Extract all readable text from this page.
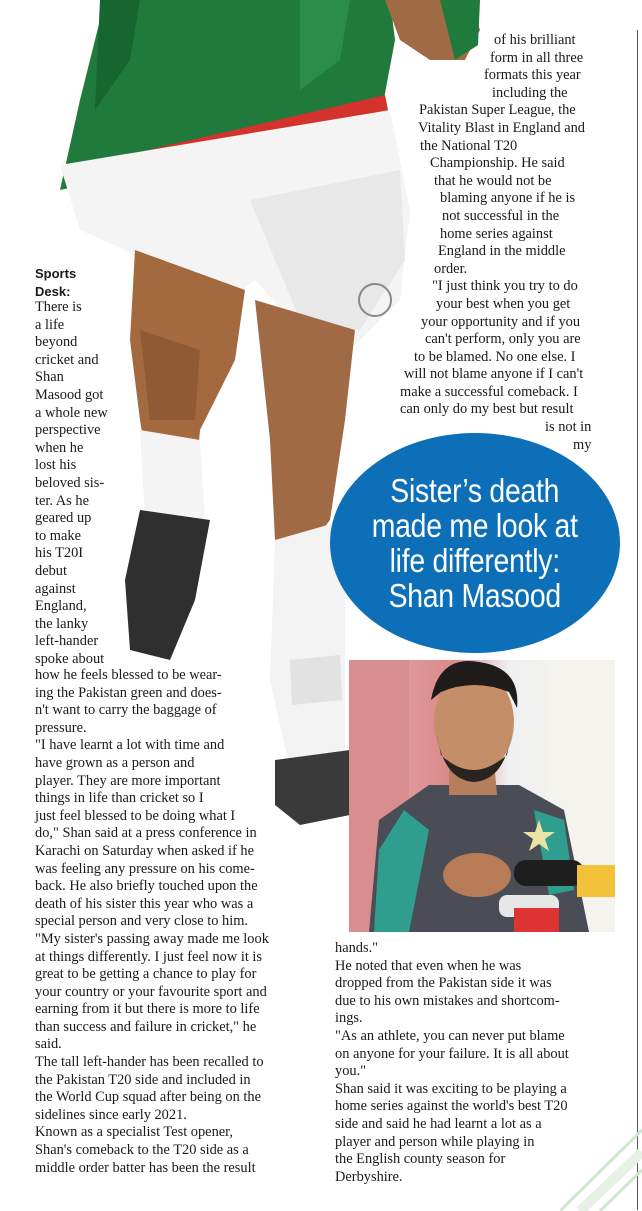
Sports
Desk:
There is
a life
beyond
cricket and
Shan
Masood got
a whole new
perspective
when he
lost his
beloved sis-
ter. As he
geared up
to make
his T20I
debut
against
England,
the lanky
left-hander
spoke about
how he feels blessed to be wear-
ing the Pakistan green and does-
n't want to carry the baggage of
pressure.
"I have learnt a lot with time and
have grown as a person and
player. They are more important
things in life than cricket so I
just feel blessed to be doing what I
do," Shan said at a press conference in
Karachi on Saturday when asked if he
was feeling any pressure on his come-
back. He also briefly touched upon the
death of his sister this year who was a
special person and very close to him.
"My sister's passing away made me look
at things differently. I just feel now it is
great to be getting a chance to play for
your country or your favourite sport and
earning from it but there is more to life
than success and failure in cricket," he
said.
The tall left-hander has been recalled to
the Pakistan T20 side and included in
the World Cup squad after being on the
sidelines since early 2021.
Known as a specialist Test opener,
Shan's comeback to the T20 side as a
middle order batter has been the result
of his brilliant
form in all three
formats this year
including the
Pakistan Super League, the
Vitality Blast in England and
the National T20
Championship. He said
that he would not be
blaming anyone if he is
not successful in the
home series against
England in the middle
order.
"I just think you try to do
your best when you get
your opportunity and if you
can't perform, only you are
to be blamed. No one else. I
will not blame anyone if I can't
make a successful comeback. I
can only do my best but result
is not in
my
Sister’s death
made me look at
life differently:
Shan Masood
hands."
He noted that even when he was
dropped from the Pakistan side it was
due to his own mistakes and shortcom-
ings.
"As an athlete, you can never put blame
on anyone for your failure. It is all about
you."
Shan said it was exciting to be playing a
home series against the world's best T20
side and said he had learnt a lot as a
player and person while playing in
the English county season for
Derbyshire.
